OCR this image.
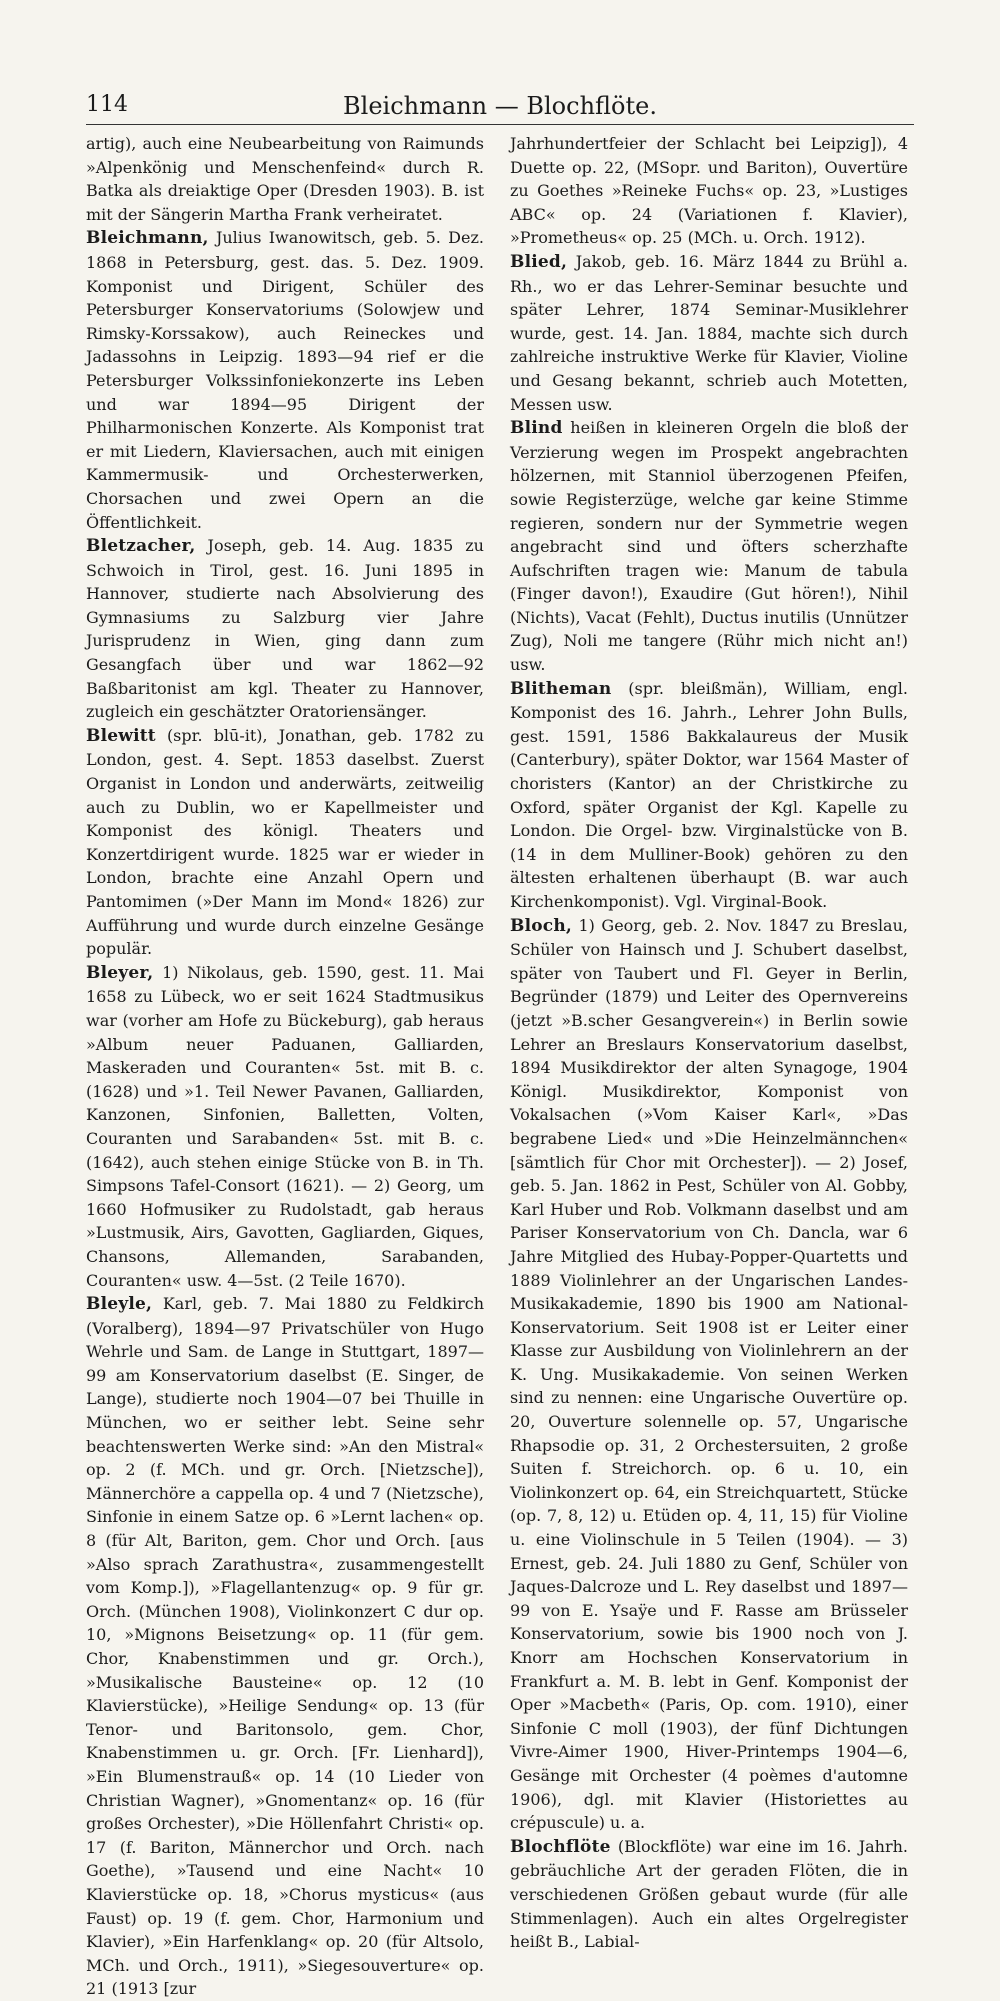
114	Bleichmann — Blochflöte.

artig), auch eine Neubearbeitung von Raimunds »Alpenkönig und Menschenfeind« durch R. Batka als dreiaktige Oper (Dresden 1903). B. ist mit der Sängerin Martha Frank verheiratet.

Bleichmann, Julius Iwanowitsch, geb. 5. Dez. 1868 in Petersburg, gest. das. 5. Dez. 1909. Komponist und Dirigent, Schüler des Petersburger Konservatoriums (Solowjew und Rimsky-Korssakow), auch Reineckes und Jadassohns in Leipzig. 1893—94 rief er die Petersburger Volkssinfoniekonzerte ins Leben und war 1894—95 Dirigent der Philharmonischen Konzerte. Als Komponist trat er mit Liedern, Klaviersachen, auch mit einigen Kammermusik- und Orchesterwerken, Chorsachen und zwei Opern an die Öffentlichkeit.

Bletzacher, Joseph, geb. 14. Aug. 1835 zu Schwoich in Tirol, gest. 16. Juni 1895 in Hannover, studierte nach Absolvierung des Gymnasiums zu Salzburg vier Jahre Jurisprudenz in Wien, ging dann zum Gesangfach über und war 1862—92 Baßbaritonist am kgl. Theater zu Hannover, zugleich ein geschätzter Oratoriensänger.

Blewitt (spr. blū-it), Jonathan, geb. 1782 zu London, gest. 4. Sept. 1853 daselbst. Zuerst Organist in London und anderwärts, zeitweilig auch zu Dublin, wo er Kapellmeister und Komponist des königl. Theaters und Konzertdirigent wurde. 1825 war er wieder in London, brachte eine Anzahl Opern und Pantomimen (»Der Mann im Mond« 1826) zur Aufführung und wurde durch einzelne Gesänge populär.

Bleyer, 1) Nikolaus, geb. 1590, gest. 11. Mai 1658 zu Lübeck, wo er seit 1624 Stadtmusikus war (vorher am Hofe zu Bückeburg), gab heraus »Album neuer Paduanen, Galliarden, Maskeraden und Couranten« 5st. mit B. c. (1628) und »1. Teil Newer Pavanen, Galliarden, Kanzonen, Sinfonien, Balletten, Volten, Couranten und Sarabanden« 5st. mit B. c. (1642), auch stehen einige Stücke von B. in Th. Simpsons Tafel-Consort (1621). — 2) Georg, um 1660 Hofmusiker zu Rudolstadt, gab heraus »Lustmusik, Airs, Gavotten, Gagliarden, Giques, Chansons, Allemanden, Sarabanden, Couranten« usw. 4—5st. (2 Teile 1670).

Bleyle, Karl, geb. 7. Mai 1880 zu Feldkirch (Voralberg), 1894—97 Privatschüler von Hugo Wehrle und Sam. de Lange in Stuttgart, 1897—99 am Konservatorium daselbst (E. Singer, de Lange), studierte noch 1904—07 bei Thuille in München, wo er seither lebt. Seine sehr beachtenswerten Werke sind: »An den Mistral« op. 2 (f. MCh. und gr. Orch. [Nietzsche]), Männerchöre a cappella op. 4 und 7 (Nietzsche), Sinfonie in einem Satze op. 6 »Lernt lachen« op. 8 (für Alt, Bariton, gem. Chor und Orch. [aus »Also sprach Zarathustra«, zusammengestellt vom Komp.]), »Flagellantenzug« op. 9 für gr. Orch. (München 1908), Violinkonzert C dur op. 10, »Mignons Beisetzung« op. 11 (für gem. Chor, Knabenstimmen und gr. Orch.), »Musikalische Bausteine« op. 12 (10 Klavierstücke), »Heilige Sendung« op. 13 (für Tenor- und Baritonsolo, gem. Chor, Knabenstimmen u. gr. Orch. [Fr. Lienhard]), »Ein Blumenstrauß« op. 14 (10 Lieder von Christian Wagner), »Gnomentanz« op. 16 (für großes Orchester), »Die Höllenfahrt Christi« op. 17 (f. Bariton, Männerchor und Orch. nach Goethe), »Tausend und eine Nacht« 10 Klavierstücke op. 18, »Chorus mysticus« (aus Faust) op. 19 (f. gem. Chor, Harmonium und Klavier), »Ein Harfenklang« op. 20 (für Altsolo, MCh. und Orch., 1911), »Siegesouverture« op. 21 (1913 [zur

Jahrhundertfeier der Schlacht bei Leipzig]), 4 Duette op. 22, (MSopr. und Bariton), Ouvertüre zu Goethes »Reineke Fuchs« op. 23, »Lustiges ABC« op. 24 (Variationen f. Klavier), »Prometheus« op. 25 (MCh. u. Orch. 1912).

Blied, Jakob, geb. 16. März 1844 zu Brühl a. Rh., wo er das Lehrer-Seminar besuchte und später Lehrer, 1874 Seminar-Musiklehrer wurde, gest. 14. Jan. 1884, machte sich durch zahlreiche instruktive Werke für Klavier, Violine und Gesang bekannt, schrieb auch Motetten, Messen usw.

Blind heißen in kleineren Orgeln die bloß der Verzierung wegen im Prospekt angebrachten hölzernen, mit Stanniol überzogenen Pfeifen, sowie Registerzüge, welche gar keine Stimme regieren, sondern nur der Symmetrie wegen angebracht sind und öfters scherzhafte Aufschriften tragen wie: Manum de tabula (Finger davon!), Exaudire (Gut hören!), Nihil (Nichts), Vacat (Fehlt), Ductus inutilis (Unnützer Zug), Noli me tangere (Rühr mich nicht an!) usw.

Blitheman (spr. bleißmän), William, engl. Komponist des 16. Jahrh., Lehrer John Bulls, gest. 1591, 1586 Bakkalaureus der Musik (Canterbury), später Doktor, war 1564 Master of choristers (Kantor) an der Christkirche zu Oxford, später Organist der Kgl. Kapelle zu London. Die Orgel- bzw. Virginalstücke von B. (14 in dem Mulliner-Book) gehören zu den ältesten erhaltenen überhaupt (B. war auch Kirchenkomponist). Vgl. Virginal-Book.

Bloch, 1) Georg, geb. 2. Nov. 1847 zu Breslau, Schüler von Hainsch und J. Schubert daselbst, später von Taubert und Fl. Geyer in Berlin, Begründer (1879) und Leiter des Opernvereins (jetzt »B.scher Gesangverein«) in Berlin sowie Lehrer an Breslaurs Konservatorium daselbst, 1894 Musikdirektor der alten Synagoge, 1904 Königl. Musikdirektor, Komponist von Vokalsachen (»Vom Kaiser Karl«, »Das begrabene Lied« und »Die Heinzelmännchen« [sämtlich für Chor mit Orchester]). — 2) Josef, geb. 5. Jan. 1862 in Pest, Schüler von Al. Gobby, Karl Huber und Rob. Volkmann daselbst und am Pariser Konservatorium von Ch. Dancla, war 6 Jahre Mitglied des Hubay-Popper-Quartetts und 1889 Violinlehrer an der Ungarischen Landes-Musikakademie, 1890 bis 1900 am National-Konservatorium. Seit 1908 ist er Leiter einer Klasse zur Ausbildung von Violinlehrern an der K. Ung. Musikakademie. Von seinen Werken sind zu nennen: eine Ungarische Ouvertüre op. 20, Ouverture solennelle op. 57, Ungarische Rhapsodie op. 31, 2 Orchestersuiten, 2 große Suiten f. Streichorch. op. 6 u. 10, ein Violinkonzert op. 64, ein Streichquartett, Stücke (op. 7, 8, 12) u. Etüden op. 4, 11, 15) für Violine u. eine Violinschule in 5 Teilen (1904). — 3) Ernest, geb. 24. Juli 1880 zu Genf, Schüler von Jaques-Dalcroze und L. Rey daselbst und 1897—99 von E. Ysaÿe und F. Rasse am Brüsseler Konservatorium, sowie bis 1900 noch von J. Knorr am Hochschen Konservatorium in Frankfurt a. M. B. lebt in Genf. Komponist der Oper »Macbeth« (Paris, Op. com. 1910), einer Sinfonie C moll (1903), der fünf Dichtungen Vivre-Aimer 1900, Hiver-Printemps 1904—6, Gesänge mit Orchester (4 poèmes d'automne 1906), dgl. mit Klavier (Historiettes au crépuscule) u. a.

Blochflöte (Blockflöte) war eine im 16. Jahrh. gebräuchliche Art der geraden Flöten, die in verschiedenen Größen gebaut wurde (für alle Stimmenlagen). Auch ein altes Orgelregister heißt B., Labial-
